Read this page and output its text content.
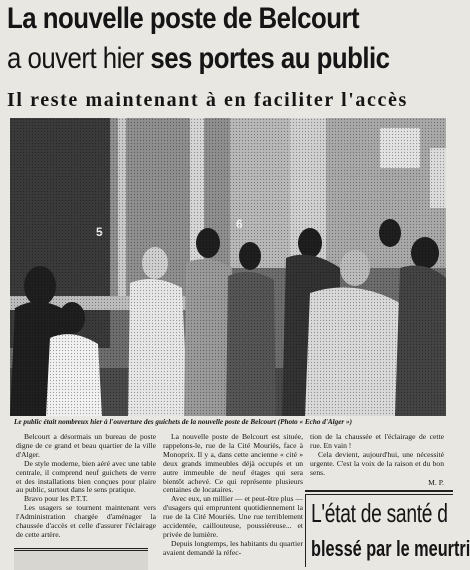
La nouvelle poste de Belcourt
a ouvert hier ses portes au public
Il reste maintenant à en faciliter l'accès
Le public était nombreux hier à l'ouverture des guichets de la nouvelle poste de Belcourt (Photo « Echo d'Alger »)

Belcourt a désormais un bureau de poste digne de ce grand et beau quartier de la ville d'Alger.

De style moderne, bien aéré avec une table centrale, il comprend neuf guichets de verre et des installations bien conçues pour plaire au public, surtout dans le sens pratique.

Bravo pour les P.T.T.

Les usagers se tournent maintenant vers l'Administration chargée d'aménager la chaussée d'accès et celle d'assurer l'éclairage de cette artère.

La nouvelle poste de Belcourt est située, rappelons-le, rue de la Cité Mouriès, face à Monoprix. Il y a, dans cette ancienne « cité » deux grands immeubles déjà occupés et un autre immeuble de neuf étages qui sera bientôt achevé. Ce qui représente plusieurs centaines de locataires.

Avec eux, un millier — et peut-être plus — d'usagers qui empruntent quotidiennement la rue de la Cité Mouriès. Une rue terriblement accidentée, caillouteuse, poussiéreuse... et privée de lumière.

Depuis longtemps, les habitants du quartier avaient demandé la réfec-

tion de la chaussée et l'éclairage de cette rue. En vain !

Cela devient, aujourd'hui, une nécessité urgente. C'est la voix de la raison et du bon sens.

M. P.
L'état de santé d
blessé par le meurtri
